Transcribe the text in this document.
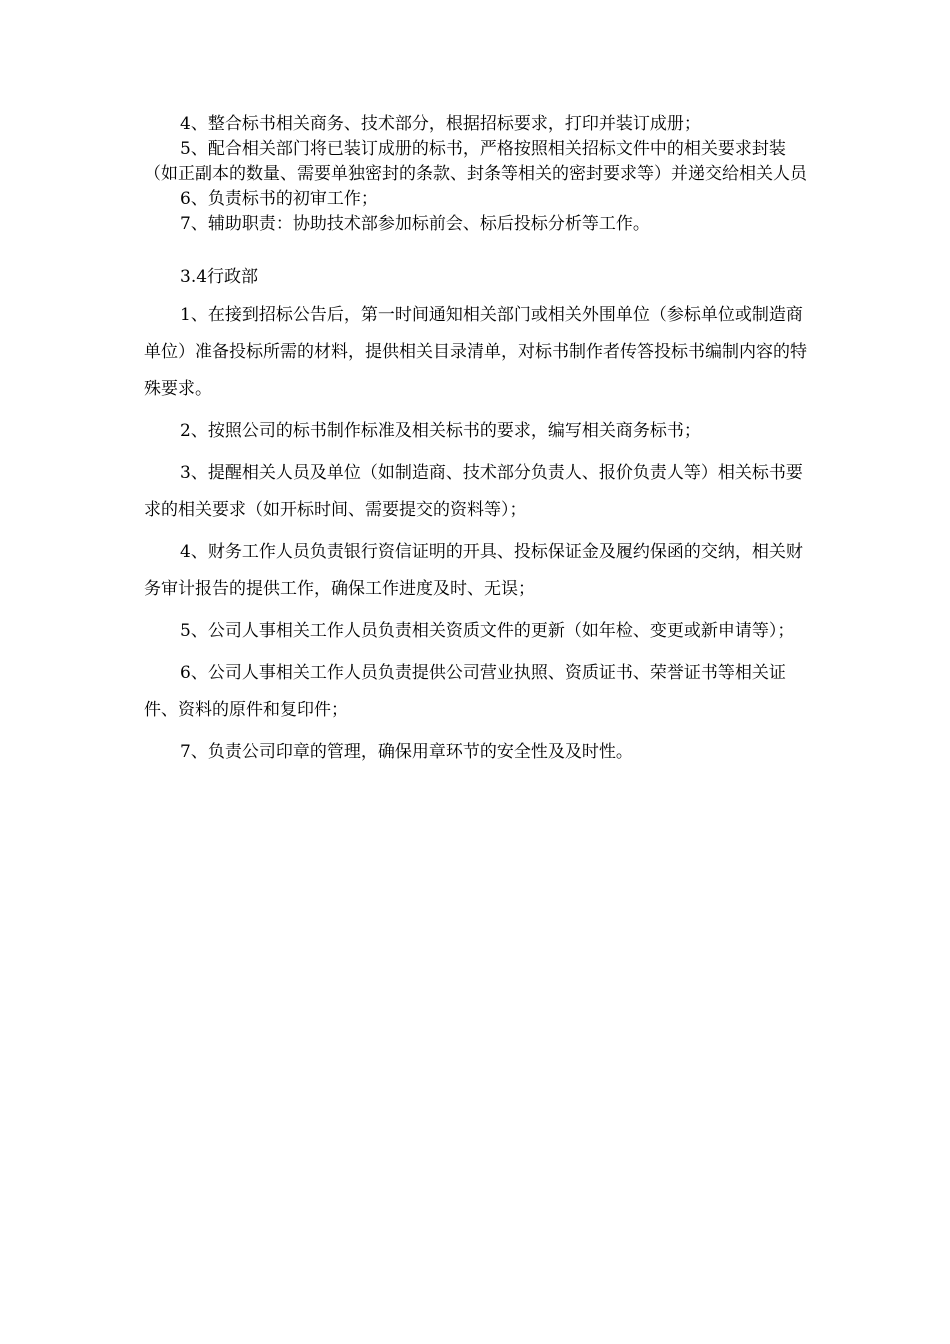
4、整合标书相关商务、技术部分，根据招标要求，打印并装订成册；

5、配合相关部门将已装订成册的标书，严格按照相关招标文件中的相关要求封装（如正副本的数量、需要单独密封的条款、封条等相关的密封要求等）并递交给相关人员

6、负责标书的初审工作；

7、辅助职责：协助技术部参加标前会、标后投标分析等工作。

3.4行政部

1、在接到招标公告后，第一时间通知相关部门或相关外围单位（参标单位或制造商单位）准备投标所需的材料，提供相关目录清单，对标书制作者传答投标书编制内容的特殊要求。

2、按照公司的标书制作标准及相关标书的要求，编写相关商务标书；

3、提醒相关人员及单位（如制造商、技术部分负责人、报价负责人等）相关标书要求的相关要求（如开标时间、需要提交的资料等）；

4、财务工作人员负责银行资信证明的开具、投标保证金及履约保函的交纳，相关财务审计报告的提供工作，确保工作进度及时、无误；

5、公司人事相关工作人员负责相关资质文件的更新（如年检、变更或新申请等）；

6、公司人事相关工作人员负责提供公司营业执照、资质证书、荣誉证书等相关证件、资料的原件和复印件；

7、负责公司印章的管理，确保用章环节的安全性及及时性。
